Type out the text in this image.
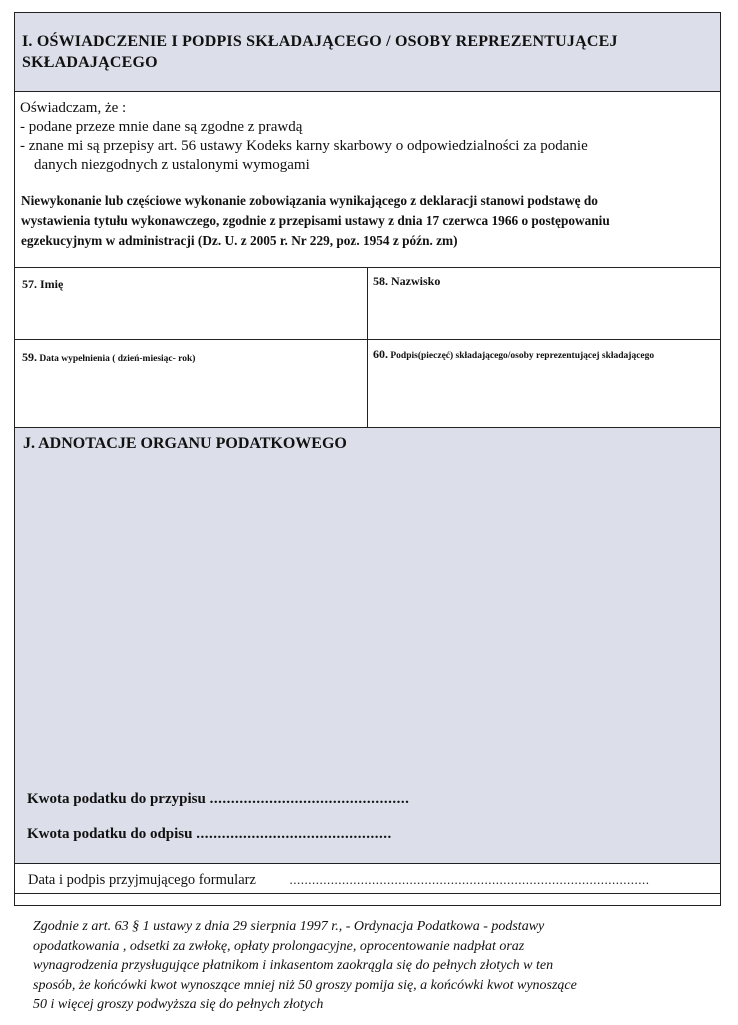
I. OŚWIADCZENIE I PODPIS SKŁADAJĄCEGO / OSOBY REPREZENTUJĄCEJ
SKŁADAJĄCEGO
Oświadczam, że :
- podane przeze mnie dane są zgodne z prawdą
- znane mi są przepisy art. 56 ustawy Kodeks karny skarbowy o odpowiedzialności za podanie
danych niezgodnych z ustalonymi wymogami
Niewykonanie lub częściowe wykonanie zobowiązania wynikającego z deklaracji stanowi podstawę do
wystawienia tytułu wykonawczego, zgodnie z przepisami ustawy z dnia 17 czerwca 1966 o postępowaniu
egzekucyjnym w administracji (Dz. U. z 2005 r. Nr 229, poz. 1954 z późn. zm)
57. Imię	58. Nazwisko
59. Data wypełnienia ( dzień-miesiąc- rok)	60. Podpis(pieczęć) składającego/osoby reprezentującej składającego
J. ADNOTACJE ORGANU PODATKOWEGO
Kwota podatku do przypisu ...............................................
Kwota podatku do odpisu ..............................................
Data i podpis przyjmującego formularz	................................................................................................
Zgodnie z art. 63 § 1 ustawy z dnia 29 sierpnia 1997 r., - Ordynacja Podatkowa - podstawy
opodatkowania , odsetki za zwłokę, opłaty prolongacyjne, oprocentowanie nadpłat oraz
wynagrodzenia przysługujące płatnikom i inkasentom zaokrągla się do pełnych złotych w ten
sposób, że końcówki kwot wynoszące mniej niż 50 groszy pomija się, a końcówki kwot wynoszące
50 i więcej groszy podwyższa się do pełnych złotych
